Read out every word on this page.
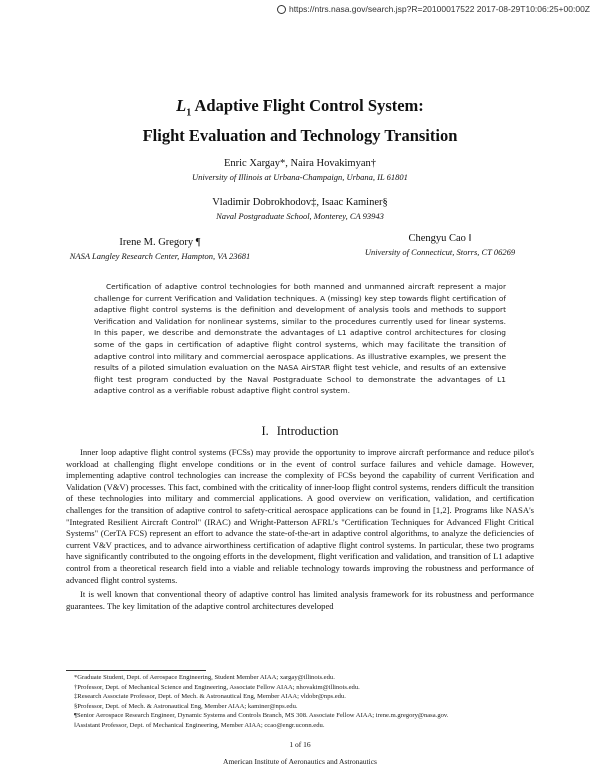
https://ntrs.nasa.gov/search.jsp?R=20100017522 2017-08-29T10:06:25+00:00Z
$L_1$ Adaptive Flight Control System:
Flight Evaluation and Technology Transition
Enric Xargay*, Naira Hovakimyan†
University of Illinois at Urbana-Champaign, Urbana, IL 61801
Vladimir Dobrokhodov‡, Isaac Kaminer§
Naval Postgraduate School, Monterey, CA 93943
Irene M. Gregory ¶
NASA Langley Research Center, Hampton, VA 23681
Chengyu Cao ‖
University of Connecticut, Storrs, CT 06269

Certification of adaptive control technologies for both manned and unmanned aircraft represent a major challenge for current Verification and Validation techniques. A (missing) key step towards flight certification of adaptive flight control systems is the definition and development of analysis tools and methods to support Verification and Validation for nonlinear systems, similar to the procedures currently used for linear systems. In this paper, we describe and demonstrate the advantages of L1 adaptive control architectures for closing some of the gaps in certification of adaptive flight control systems, which may facilitate the transition of adaptive control into military and commercial aerospace applications. As illustrative examples, we present the results of a piloted simulation evaluation on the NASA AirSTAR flight test vehicle, and results of an extensive flight test program conducted by the Naval Postgraduate School to demonstrate the advantages of L1 adaptive control as a verifiable robust adaptive flight control system.

I. Introduction

Inner loop adaptive flight control systems (FCSs) may provide the opportunity to improve aircraft performance and reduce pilot's workload at challenging flight envelope conditions or in the event of control surface failures and vehicle damage. However, implementing adaptive control technologies can increase the complexity of FCSs beyond the capability of current Verification and Validation (V&V) processes. This fact, combined with the criticality of inner-loop flight control systems, renders difficult the transition of these technologies into military and commercial applications. A good overview on verification, validation, and certification challenges for the transition of adaptive control to safety-critical aerospace applications can be found in [1,2]. Programs like NASA's "Integrated Resilient Aircraft Control" (IRAC) and Wright-Patterson AFRL's "Certification Techniques for Advanced Flight Critical Systems" (CerTA FCS) represent an effort to advance the state-of-the-art in adaptive control algorithms, to analyze the deficiencies of current V&V practices, and to advance airworthiness certification of adaptive flight control systems. In particular, these two programs have significantly contributed to the ongoing efforts in the development, flight verification and validation, and transition of L1 adaptive control from a theoretical research field into a viable and reliable technology towards improving the robustness and performance of advanced flight control systems.

It is well known that conventional theory of adaptive control has limited analysis framework for its robustness and performance guarantees. The key limitation of the adaptive control architectures developed

*Graduate Student, Dept. of Aerospace Engineering, Student Member AIAA; xargay@illinois.edu.
†Professor, Dept. of Mechanical Science and Engineering, Associate Fellow AIAA; nhovakim@illinois.edu.
‡Research Associate Professor, Dept. of Mech. & Astronautical Eng, Member AIAA; vldobr@nps.edu.
§Professor, Dept. of Mech. & Astronautical Eng, Member AIAA; kaminer@nps.edu.
¶Senior Aerospace Research Engineer, Dynamic Systems and Controls Branch, MS 308. Associate Fellow AIAA; irene.m.gregory@nasa.gov.
‖Assistant Professor, Dept. of Mechanical Engineering, Member AIAA; ccao@engr.uconn.edu.
1 of 16
American Institute of Aeronautics and Astronautics
